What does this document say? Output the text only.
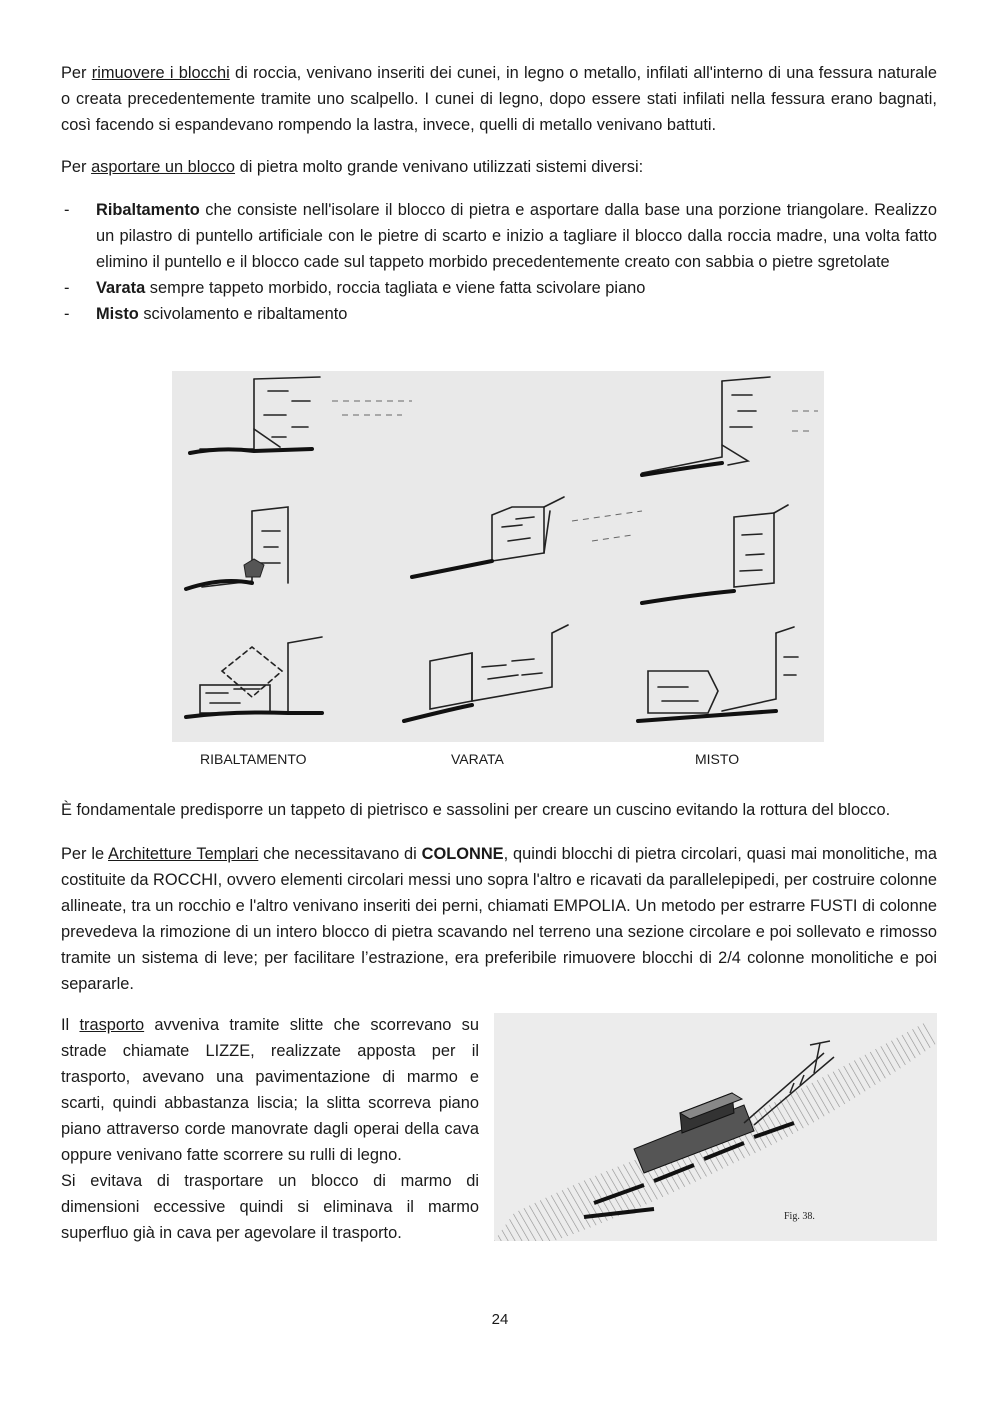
Per rimuovere i blocchi di roccia, venivano inseriti dei cunei, in legno o metallo, infilati all'interno di una fessura naturale o creata precedentemente tramite uno scalpello. I cunei di legno, dopo essere stati infilati nella fessura erano bagnati, così facendo si espandevano rompendo la lastra, invece, quelli di metallo venivano battuti.

Per asportare un blocco di pietra molto grande venivano utilizzati sistemi diversi:

- Ribaltamento che consiste nell'isolare il blocco di pietra e asportare dalla base una porzione triangolare. Realizzo un pilastro di puntello artificiale con le pietre di scarto e inizio a tagliare il blocco dalla roccia madre, una volta fatto elimino il puntello e il blocco cade sul tappeto morbido precedentemente creato con sabbia o pietre sgretolate
- Varata sempre tappeto morbido, roccia tagliata e viene fatta scivolare piano
- Misto scivolamento e ribaltamento
RIBALTAMENTO	VARATA	MISTO

È fondamentale predisporre un tappeto di pietrisco e sassolini per creare un cuscino evitando la rottura del blocco.

Per le Architetture Templari che necessitavano di COLONNE, quindi blocchi di pietra circolari, quasi mai monolitiche, ma costituite da ROCCHI, ovvero elementi circolari messi uno sopra l'altro e ricavati da parallelepipedi, per costruire colonne allineate, tra un rocchio e l'altro venivano inseriti dei perni, chiamati EMPOLIA. Un metodo per estrarre FUSTI di colonne prevedeva la rimozione di un intero blocco di pietra scavando nel terreno una sezione circolare e poi sollevato e rimosso tramite un sistema di leve; per facilitare l’estrazione, era preferibile rimuovere blocchi di 2/4 colonne monolitiche e poi separarle.

Il trasporto avveniva tramite slitte che scorrevano su strade chiamate LIZZE, realizzate apposta per il trasporto, avevano una pavimentazione di marmo e scarti, quindi abbastanza liscia; la slitta scorreva piano piano attraverso corde manovrate dagli operai della cava oppure venivano fatte scorrere su rulli di legno.
Si evitava di trasportare un blocco di marmo di dimensioni eccessive quindi si eliminava il marmo superfluo già in cava per agevolare il trasporto.
Fig. 38.
24
